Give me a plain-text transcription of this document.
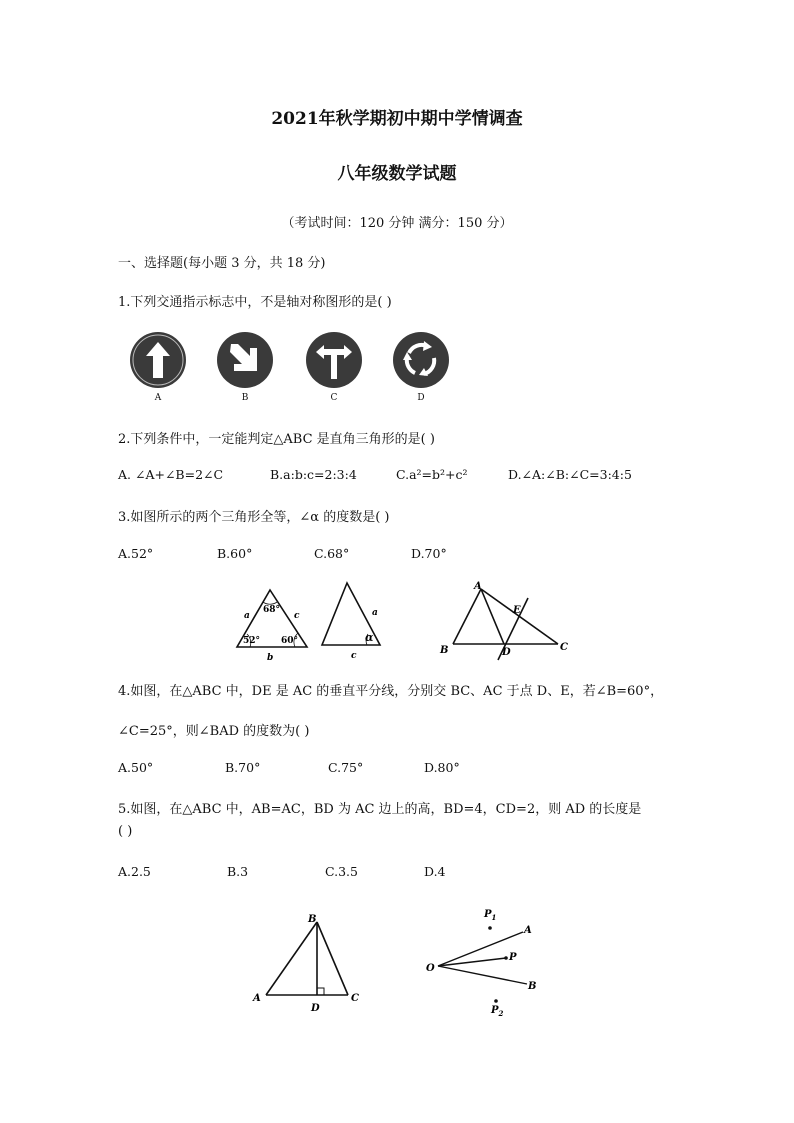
2021年秋学期初中期中学情调查
八年级数学试题
（考试时间：120 分钟 满分：150 分）
一、选择题(每小题 3 分，共 18 分)
1.下列交通指示标志中，不是轴对称图形的是( )
A	B	C	D
2.下列条件中，一定能判定△ABC 是直角三角形的是( )
A. ∠A+∠B=2∠C	B.a:b:c=2:3:4	C.a²=b²+c²	D.∠A:∠B:∠C=3:4:5
3.如图所示的两个三角形全等，∠α 的度数是( )
A.52°	B.60°	C.68°	D.70°
a
b
c
68°
52° 60°
a
c
α
A
B	C
D
E
4.如图，在△ABC 中，DE 是 AC 的垂直平分线，分别交 BC、AC 于点 D、E，若∠B=60°，
∠C=25°，则∠BAD 的度数为( )
A.50°	B.70°	C.75°	D.80°
5.如图，在△ABC 中，AB=AC，BD 为 AC 边上的高，BD=4，CD=2，则 AD 的长度是
( )
A.2.5	B.3	C.3.5	D.4
B
A
D
C
$P_1$
A
P
O
B
$P_2$
